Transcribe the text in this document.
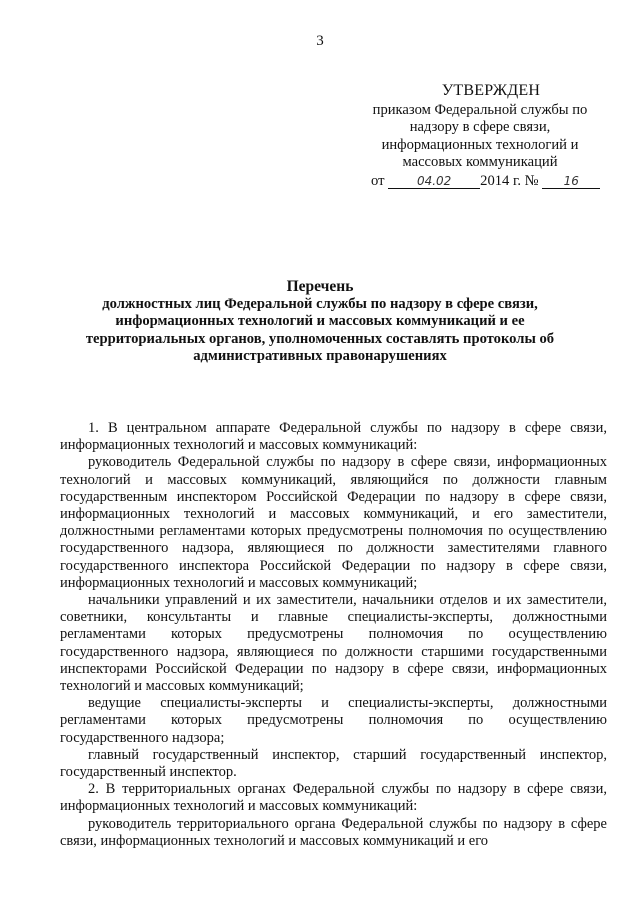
3
УТВЕРЖДЕН
приказом Федеральной службы по
надзору в сфере связи,
информационных технологий и
массовых коммуникаций
от	04.02 2014 г. № 16
Перечень
должностных лиц Федеральной службы по надзору в сфере связи,
информационных технологий и массовых коммуникаций и ее
территориальных органов, уполномоченных составлять протоколы об
административных правонарушениях

1. В центральном аппарате Федеральной службы по надзору в сфере связи, информационных технологий и массовых коммуникаций:

руководитель Федеральной службы по надзору в сфере связи, информационных технологий и массовых коммуникаций, являющийся по должности главным государственным инспектором Российской Федерации по надзору в сфере связи, информационных технологий и массовых коммуникаций, и его заместители, должностными регламентами которых предусмотрены полномочия по осуществлению государственного надзора, являющиеся по должности заместителями главного государственного инспектора Российской Федерации по надзору в сфере связи, информационных технологий и массовых коммуникаций;

начальники управлений и их заместители, начальники отделов и их заместители, советники, консультанты и главные специалисты-эксперты, должностными регламентами которых предусмотрены полномочия по осуществлению государственного надзора, являющиеся по должности старшими государственными инспекторами Российской Федерации по надзору в сфере связи, информационных технологий и массовых коммуникаций;

ведущие специалисты-эксперты и специалисты-эксперты, должностными регламентами которых предусмотрены полномочия по осуществлению государственного надзора;

главный государственный инспектор, старший государственный инспектор, государственный инспектор.

2. В территориальных органах Федеральной службы по надзору в сфере связи, информационных технологий и массовых коммуникаций:

руководитель территориального органа Федеральной службы по надзору в сфере связи, информационных технологий и массовых коммуникаций и его
